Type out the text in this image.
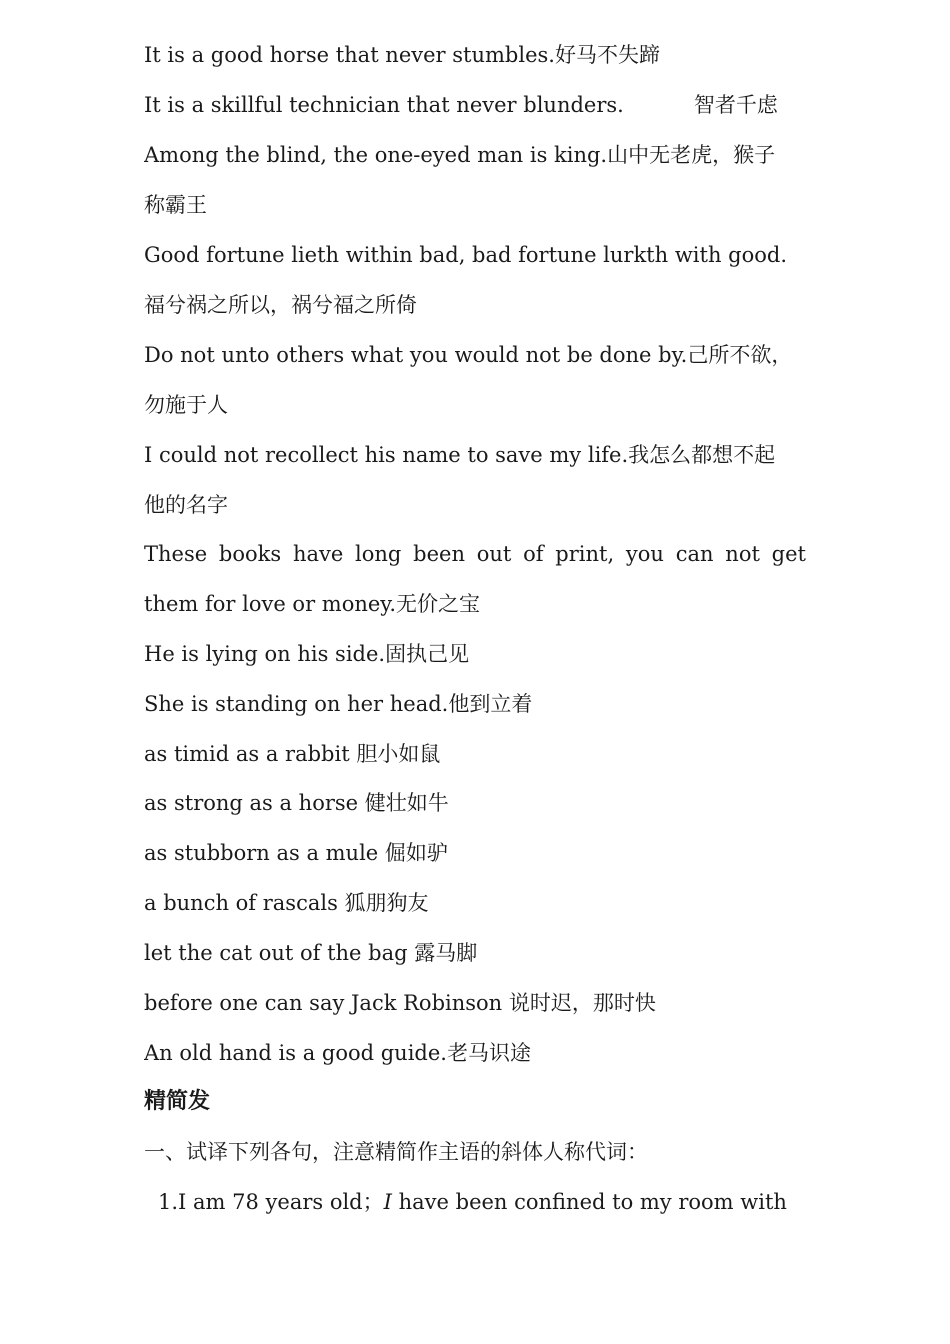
It is a good horse that never stumbles.好马不失蹄
It is a skillful technician that never blunders.	智者千虑
Among the blind, the one-eyed man is king.山中无老虎，猴子
称霸王
Good fortune lieth within bad, bad fortune lurkth with good.
福兮祸之所以，祸兮福之所倚
Do not unto others what you would not be done by.己所不欲，
勿施于人
I could not recollect his name to save my life.我怎么都想不起
他的名字
These books have long been out of print, you can not get
them for love or money.无价之宝
He is lying on his side.固执己见
She is standing on her head.他到立着
as timid as a rabbit 胆小如鼠
as strong as a horse 健壮如牛
as stubborn as a mule 倔如驴
a bunch of rascals 狐朋狗友
let the cat out of the bag 露马脚
before one can say Jack Robinson 说时迟，那时快
An old hand is a good guide.老马识途
精简发
一、试译下列各句，注意精简作主语的斜体人称代词：
1.I am 78 years old；I have been confined to my room with
